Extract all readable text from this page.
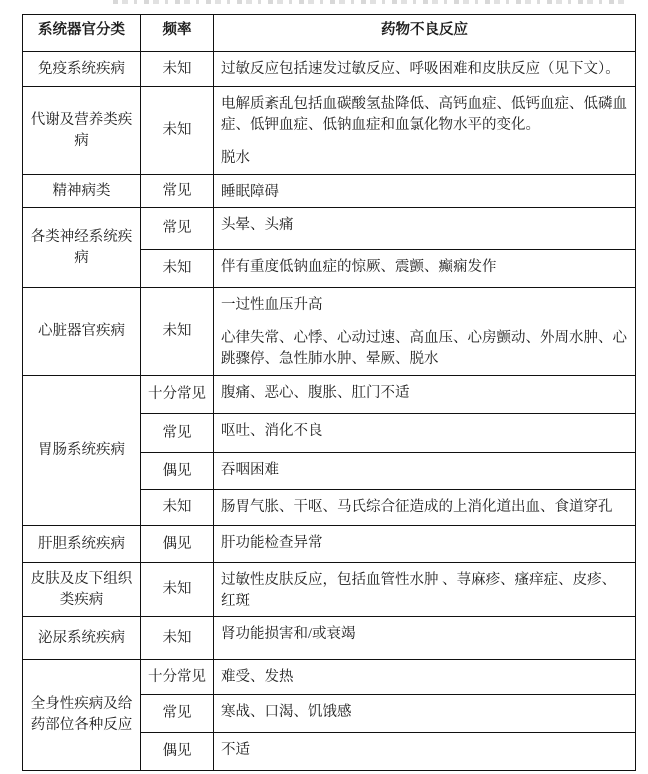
系统器官分类	频率	药物不良反应
免疫系统疾病	未知	过敏反应包括速发过敏反应、呼吸困难和皮肤反应（见下文）。

代谢及营养类疾病	未知	电解质紊乱包括血碳酸氢盐降低、高钙血症、低钙血症、低磷血症、低钾血症、低钠血症和血氯化物水平的变化。
脱水

精神病类	常见	睡眠障碍

各类神经系统疾病	常见	头晕、头痛

	未知	伴有重度低钠血症的惊厥、震颤、癫痫发作

心脏器官疾病	未知	一过性血压升高
心律失常、心悸、心动过速、高血压、心房颤动、外周水肿、心跳骤停、急性肺水肿、晕厥、脱水

胃肠系统疾病	十分常见	腹痛、恶心、腹胀、肛门不适

	常见	呕吐、消化不良

	偶见	吞咽困难

	未知	肠胃气胀、干呕、马氏综合征造成的上消化道出血、食道穿孔

肝胆系统疾病	偶见	肝功能检查异常

皮肤及皮下组织类疾病	未知	过敏性皮肤反应，包括血管性水肿 、荨麻疹、瘙痒症、皮疹、红斑

泌尿系统疾病	未知	肾功能损害和/或衰竭

全身性疾病及给药部位各种反应	十分常见	难受、发热

	常见	寒战、口渴、饥饿感

	偶见	不适
